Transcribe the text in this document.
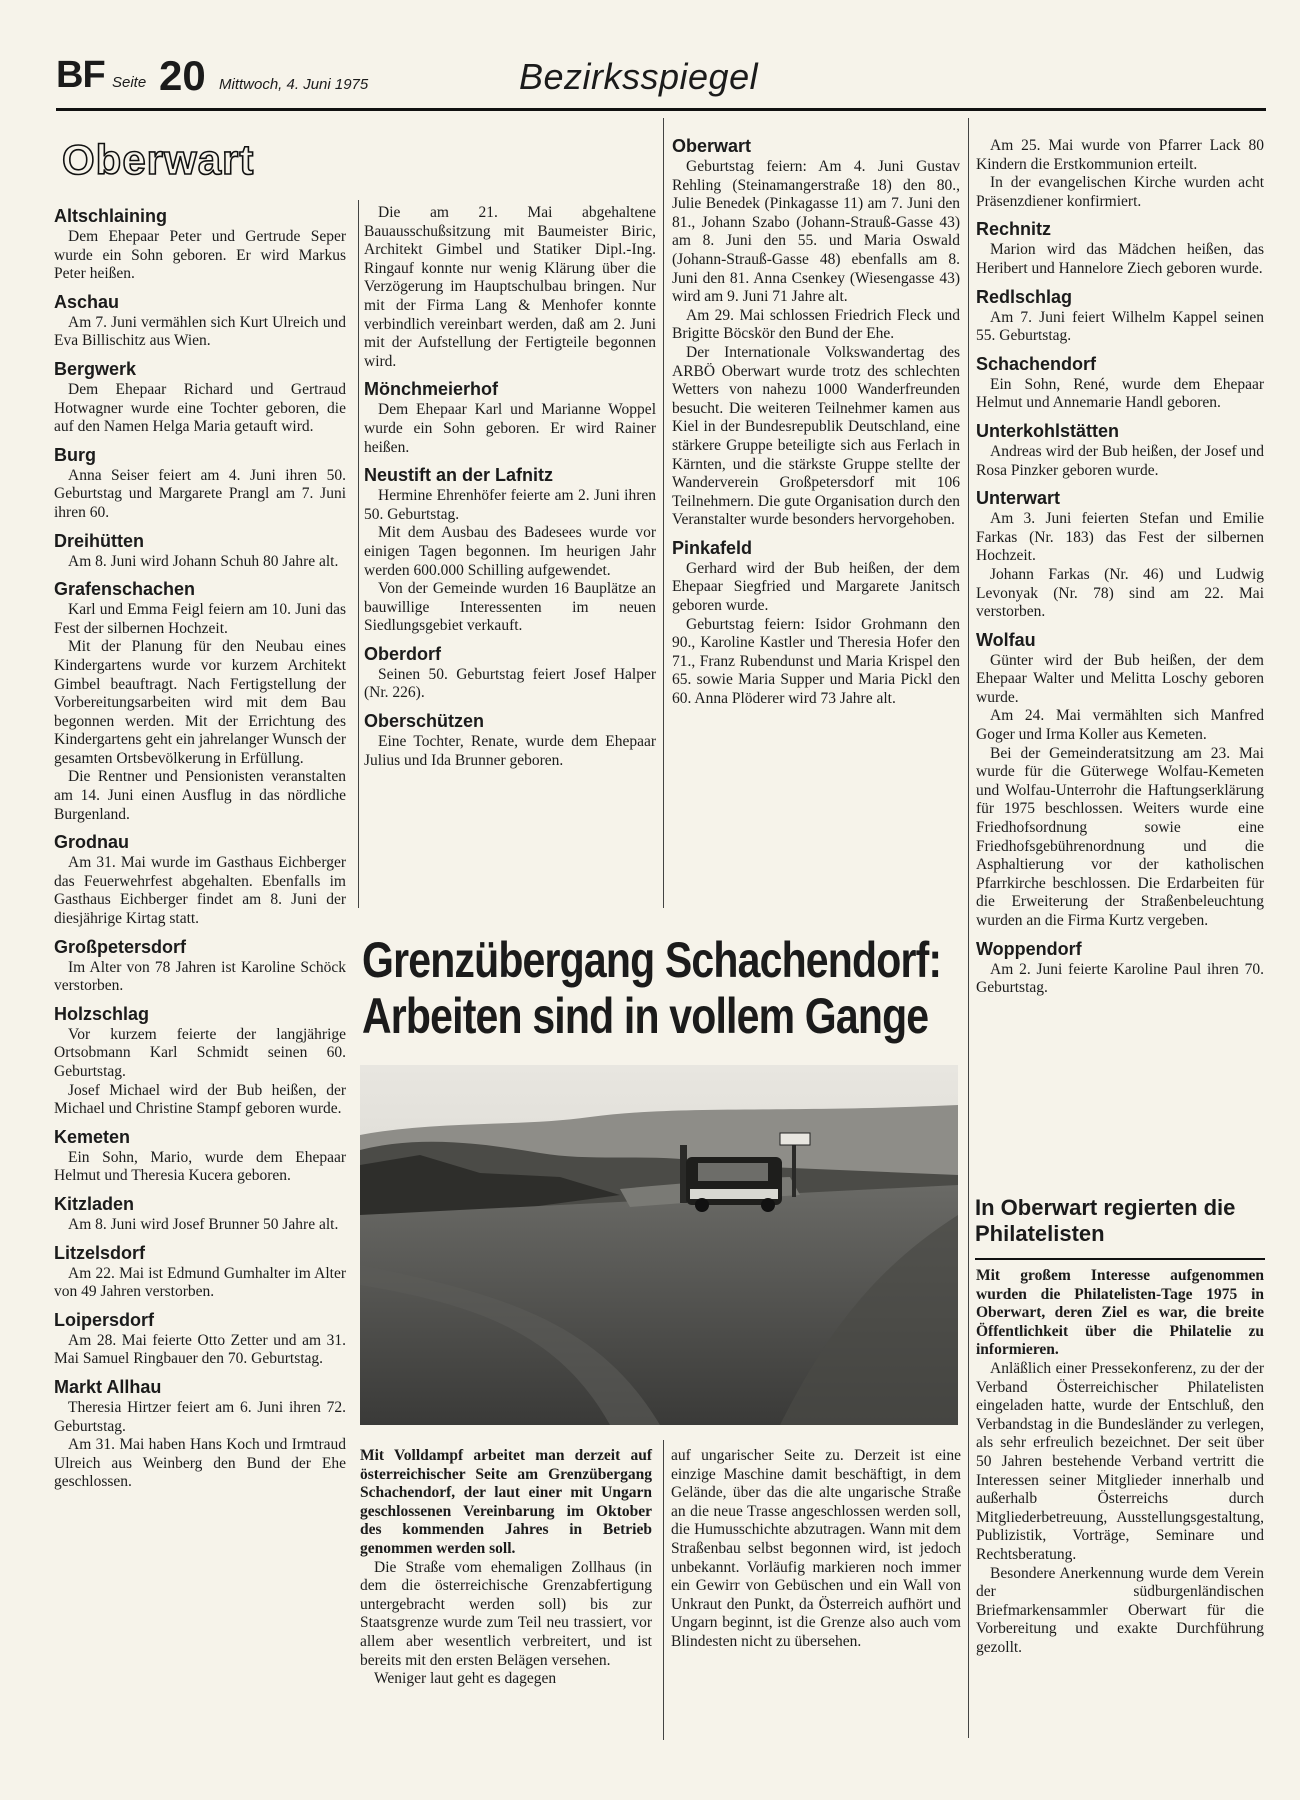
BF Seite 20 Mittwoch, 4. Juni 1975	Bezirksspiegel
Oberwart
Altschlaining

Dem Ehepaar Peter und Gertrude Seper wurde ein Sohn geboren. Er wird Markus Peter heißen.

Aschau

Am 7. Juni vermählen sich Kurt Ulreich und Eva Billischitz aus Wien.

Bergwerk

Dem Ehepaar Richard und Gertraud Hotwagner wurde eine Tochter geboren, die auf den Namen Helga Maria getauft wird.

Burg

Anna Seiser feiert am 4. Juni ihren 50. Geburtstag und Margarete Prangl am 7. Juni ihren 60.

Dreihütten

Am 8. Juni wird Johann Schuh 80 Jahre alt.

Grafenschachen

Karl und Emma Feigl feiern am 10. Juni das Fest der silbernen Hochzeit.

Mit der Planung für den Neubau eines Kindergartens wurde vor kurzem Architekt Gimbel beauftragt. Nach Fertigstellung der Vorbereitungsarbeiten wird mit dem Bau begonnen werden. Mit der Errichtung des Kindergartens geht ein jahrelanger Wunsch der gesamten Ortsbevölkerung in Erfüllung.

Die Rentner und Pensionisten veranstalten am 14. Juni einen Ausflug in das nördliche Burgenland.

Grodnau

Am 31. Mai wurde im Gasthaus Eichberger das Feuerwehrfest abgehalten. Ebenfalls im Gasthaus Eichberger findet am 8. Juni der diesjährige Kirtag statt.

Großpetersdorf

Im Alter von 78 Jahren ist Karoline Schöck verstorben.

Holzschlag

Vor kurzem feierte der langjährige Ortsobmann Karl Schmidt seinen 60. Geburtstag.

Josef Michael wird der Bub heißen, der Michael und Christine Stampf geboren wurde.

Kemeten

Ein Sohn, Mario, wurde dem Ehepaar Helmut und Theresia Kucera geboren.

Kitzladen

Am 8. Juni wird Josef Brunner 50 Jahre alt.

Litzelsdorf

Am 22. Mai ist Edmund Gumhalter im Alter von 49 Jahren verstorben.

Loipersdorf

Am 28. Mai feierte Otto Zetter und am 31. Mai Samuel Ringbauer den 70. Geburtstag.

Markt Allhau

Theresia Hirtzer feiert am 6. Juni ihren 72. Geburtstag.

Am 31. Mai haben Hans Koch und Irmtraud Ulreich aus Weinberg den Bund der Ehe geschlossen.

Die am 21. Mai abgehaltene Bauausschußsitzung mit Baumeister Biric, Architekt Gimbel und Statiker Dipl.-Ing. Ringauf konnte nur wenig Klärung über die Verzögerung im Hauptschulbau bringen. Nur mit der Firma Lang & Menhofer konnte verbindlich vereinbart werden, daß am 2. Juni mit der Aufstellung der Fertigteile begonnen wird.

Mönchmeierhof

Dem Ehepaar Karl und Marianne Woppel wurde ein Sohn geboren. Er wird Rainer heißen.

Neustift an der Lafnitz

Hermine Ehrenhöfer feierte am 2. Juni ihren 50. Geburtstag.

Mit dem Ausbau des Badesees wurde vor einigen Tagen begonnen. Im heurigen Jahr werden 600.000 Schilling aufgewendet.

Von der Gemeinde wurden 16 Bauplätze an bauwillige Interessenten im neuen Siedlungsgebiet verkauft.

Oberdorf

Seinen 50. Geburtstag feiert Josef Halper (Nr. 226).

Oberschützen

Eine Tochter, Renate, wurde dem Ehepaar Julius und Ida Brunner geboren.

Oberwart

Geburtstag feiern: Am 4. Juni Gustav Rehling (Steinamangerstraße 18) den 80., Julie Benedek (Pinkagasse 11) am 7. Juni den 81., Johann Szabo (Johann-Strauß-Gasse 43) am 8. Juni den 55. und Maria Oswald (Johann-Strauß-Gasse 48) ebenfalls am 8. Juni den 81. Anna Csenkey (Wiesengasse 43) wird am 9. Juni 71 Jahre alt.

Am 29. Mai schlossen Friedrich Fleck und Brigitte Böcskör den Bund der Ehe.

Der Internationale Volkswandertag des ARBÖ Oberwart wurde trotz des schlechten Wetters von nahezu 1000 Wanderfreunden besucht. Die weiteren Teilnehmer kamen aus Kiel in der Bundesrepublik Deutschland, eine stärkere Gruppe beteiligte sich aus Ferlach in Kärnten, und die stärkste Gruppe stellte der Wanderverein Großpetersdorf mit 106 Teilnehmern. Die gute Organisation durch den Veranstalter wurde besonders hervorgehoben.

Pinkafeld

Gerhard wird der Bub heißen, der dem Ehepaar Siegfried und Margarete Janitsch geboren wurde.

Geburtstag feiern: Isidor Grohmann den 90., Karoline Kastler und Theresia Hofer den 71., Franz Rubendunst und Maria Krispel den 65. sowie Maria Supper und Maria Pickl den 60. Anna Plöderer wird 73 Jahre alt.

Am 25. Mai wurde von Pfarrer Lack 80 Kindern die Erstkommunion erteilt.

In der evangelischen Kirche wurden acht Präsenzdiener konfirmiert.

Rechnitz

Marion wird das Mädchen heißen, das Heribert und Hannelore Ziech geboren wurde.

Redlschlag

Am 7. Juni feiert Wilhelm Kappel seinen 55. Geburtstag.

Schachendorf

Ein Sohn, René, wurde dem Ehepaar Helmut und Annemarie Handl geboren.

Unterkohlstätten

Andreas wird der Bub heißen, der Josef und Rosa Pinzker geboren wurde.

Unterwart

Am 3. Juni feierten Stefan und Emilie Farkas (Nr. 183) das Fest der silbernen Hochzeit.

Johann Farkas (Nr. 46) und Ludwig Levonyak (Nr. 78) sind am 22. Mai verstorben.

Wolfau

Günter wird der Bub heißen, der dem Ehepaar Walter und Melitta Loschy geboren wurde.

Am 24. Mai vermählten sich Manfred Goger und Irma Koller aus Kemeten.

Bei der Gemeinderatsitzung am 23. Mai wurde für die Güterwege Wolfau-Kemeten und Wolfau-Unterrohr die Haftungserklärung für 1975 beschlossen. Weiters wurde eine Friedhofsordnung sowie eine Friedhofsgebührenordnung und die Asphaltierung vor der katholischen Pfarrkirche beschlossen. Die Erdarbeiten für die Erweiterung der Straßenbeleuchtung wurden an die Firma Kurtz vergeben.

Woppendorf

Am 2. Juni feierte Karoline Paul ihren 70. Geburtstag.

Grenzübergang Schachendorf:
Arbeiten sind in vollem Gange

Mit Volldampf arbeitet man derzeit auf österreichischer Seite am Grenzübergang Schachendorf, der laut einer mit Ungarn geschlossenen Vereinbarung im Oktober des kommenden Jahres in Betrieb genommen werden soll.

Die Straße vom ehemaligen Zollhaus (in dem die österreichische Grenzabfertigung untergebracht werden soll) bis zur Staatsgrenze wurde zum Teil neu trassiert, vor allem aber wesentlich verbreitert, und ist bereits mit den ersten Belägen versehen.

Weniger laut geht es dagegen

auf ungarischer Seite zu. Derzeit ist eine einzige Maschine damit beschäftigt, in dem Gelände, über das die alte ungarische Straße an die neue Trasse angeschlossen werden soll, die Humusschichte abzutragen. Wann mit dem Straßenbau selbst begonnen wird, ist jedoch unbekannt. Vorläufig markieren noch immer ein Gewirr von Gebüschen und ein Wall von Unkraut den Punkt, da Österreich aufhört und Ungarn beginnt, ist die Grenze also auch vom Blindesten nicht zu übersehen.

In Oberwart regierten die Philatelisten

Mit großem Interesse aufgenommen wurden die Philatelisten-Tage 1975 in Oberwart, deren Ziel es war, die breite Öffentlichkeit über die Philatelie zu informieren.

Anläßlich einer Pressekonferenz, zu der der Verband Österreichischer Philatelisten eingeladen hatte, wurde der Entschluß, den Verbandstag in die Bundesländer zu verlegen, als sehr erfreulich bezeichnet. Der seit über 50 Jahren bestehende Verband vertritt die Interessen seiner Mitglieder innerhalb und außerhalb Österreichs durch Mitgliederbetreuung, Ausstellungsgestaltung, Publizistik, Vorträge, Seminare und Rechtsberatung.

Besondere Anerkennung wurde dem Verein der südburgenländischen Briefmarkensammler Oberwart für die Vorbereitung und exakte Durchführung gezollt.
